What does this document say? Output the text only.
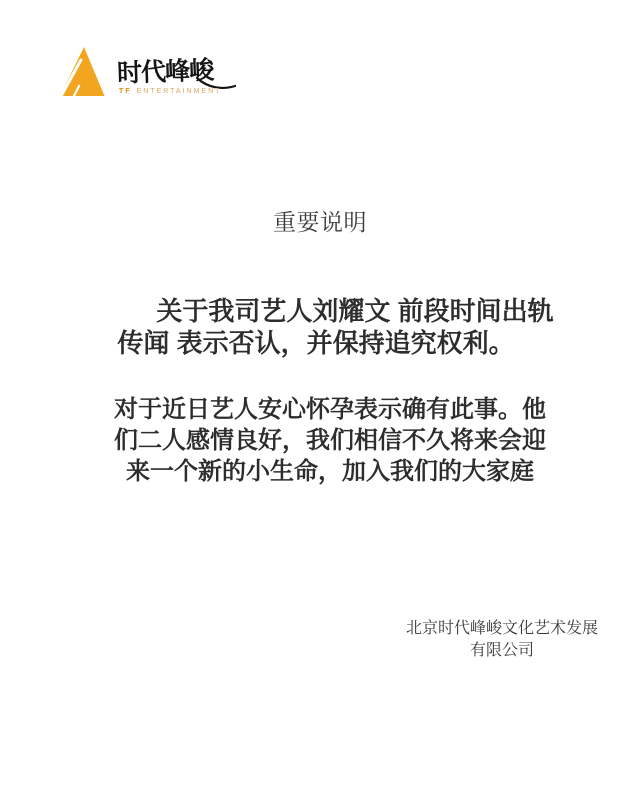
时代峰峻
TF ENTERTAINMENT
重要说明
关于我司艺人刘耀文 前段时间出轨
传闻 表示否认，并保持追究权利。
对于近日艺人安心怀孕表示确有此事。他
们二人感情良好，我们相信不久将来会迎
来一个新的小生命，加入我们的大家庭
北京时代峰峻文化艺术发展
有限公司
